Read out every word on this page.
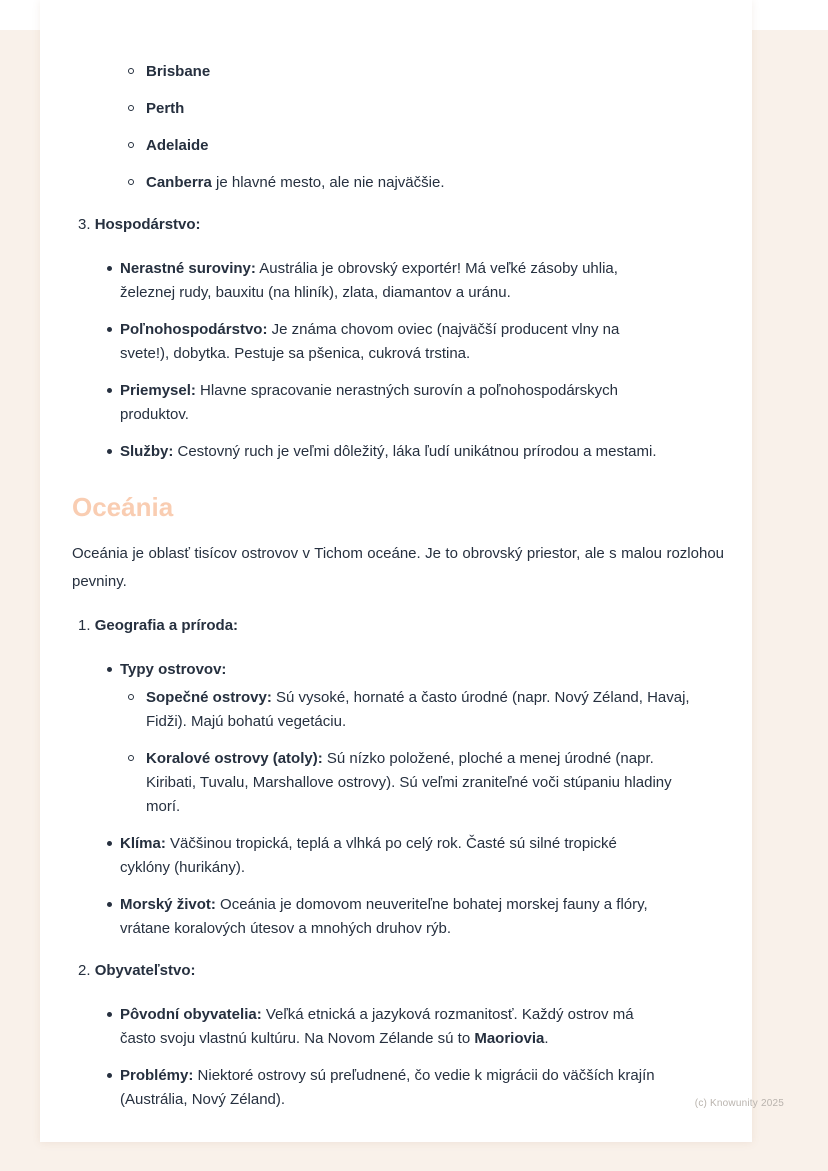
Brisbane
Perth
Adelaide
Canberra je hlavné mesto, ale nie najväčšie.
3. Hospodárstvo:
Nerastné suroviny: Austrália je obrovský exportér! Má veľké zásoby uhlia, železnej rudy, bauxitu (na hliník), zlata, diamantov a uránu.
Poľnohospodárstvo: Je známa chovom oviec (najväčší producent vlny na svete!), dobytka. Pestuje sa pšenica, cukrová trstina.
Priemysel: Hlavne spracovanie nerastných surovín a poľnohospodárskych produktov.
Služby: Cestovný ruch je veľmi dôležitý, láka ľudí unikátnou prírodou a mestami.
Oceánia

Oceánia je oblasť tisícov ostrovov v Tichom oceáne. Je to obrovský priestor, ale s malou rozlohou pevniny.

1. Geografia a príroda:
Typy ostrovov:
Sopečné ostrovy: Sú vysoké, hornaté a často úrodné (napr. Nový Zéland, Havaj, Fidži). Majú bohatú vegetáciu.
Koralové ostrovy (atoly): Sú nízko položené, ploché a menej úrodné (napr. Kiribati, Tuvalu, Marshallove ostrovy). Sú veľmi zraniteľné voči stúpaniu hladiny morí.
Klíma: Väčšinou tropická, teplá a vlhká po celý rok. Časté sú silné tropické cyklóny (hurikány).
Morský život: Oceánia je domovom neuveriteľne bohatej morskej fauny a flóry, vrátane koralových útesov a mnohých druhov rýb.
2. Obyvateľstvo:
Pôvodní obyvatelia: Veľká etnická a jazyková rozmanitosť. Každý ostrov má často svoju vlastnú kultúru. Na Novom Zélande sú to Maoriovia.
Problémy: Niektoré ostrovy sú preľudnené, čo vedie k migrácii do väčších krajín (Austrália, Nový Zéland).	(c) Knowunity 2025
